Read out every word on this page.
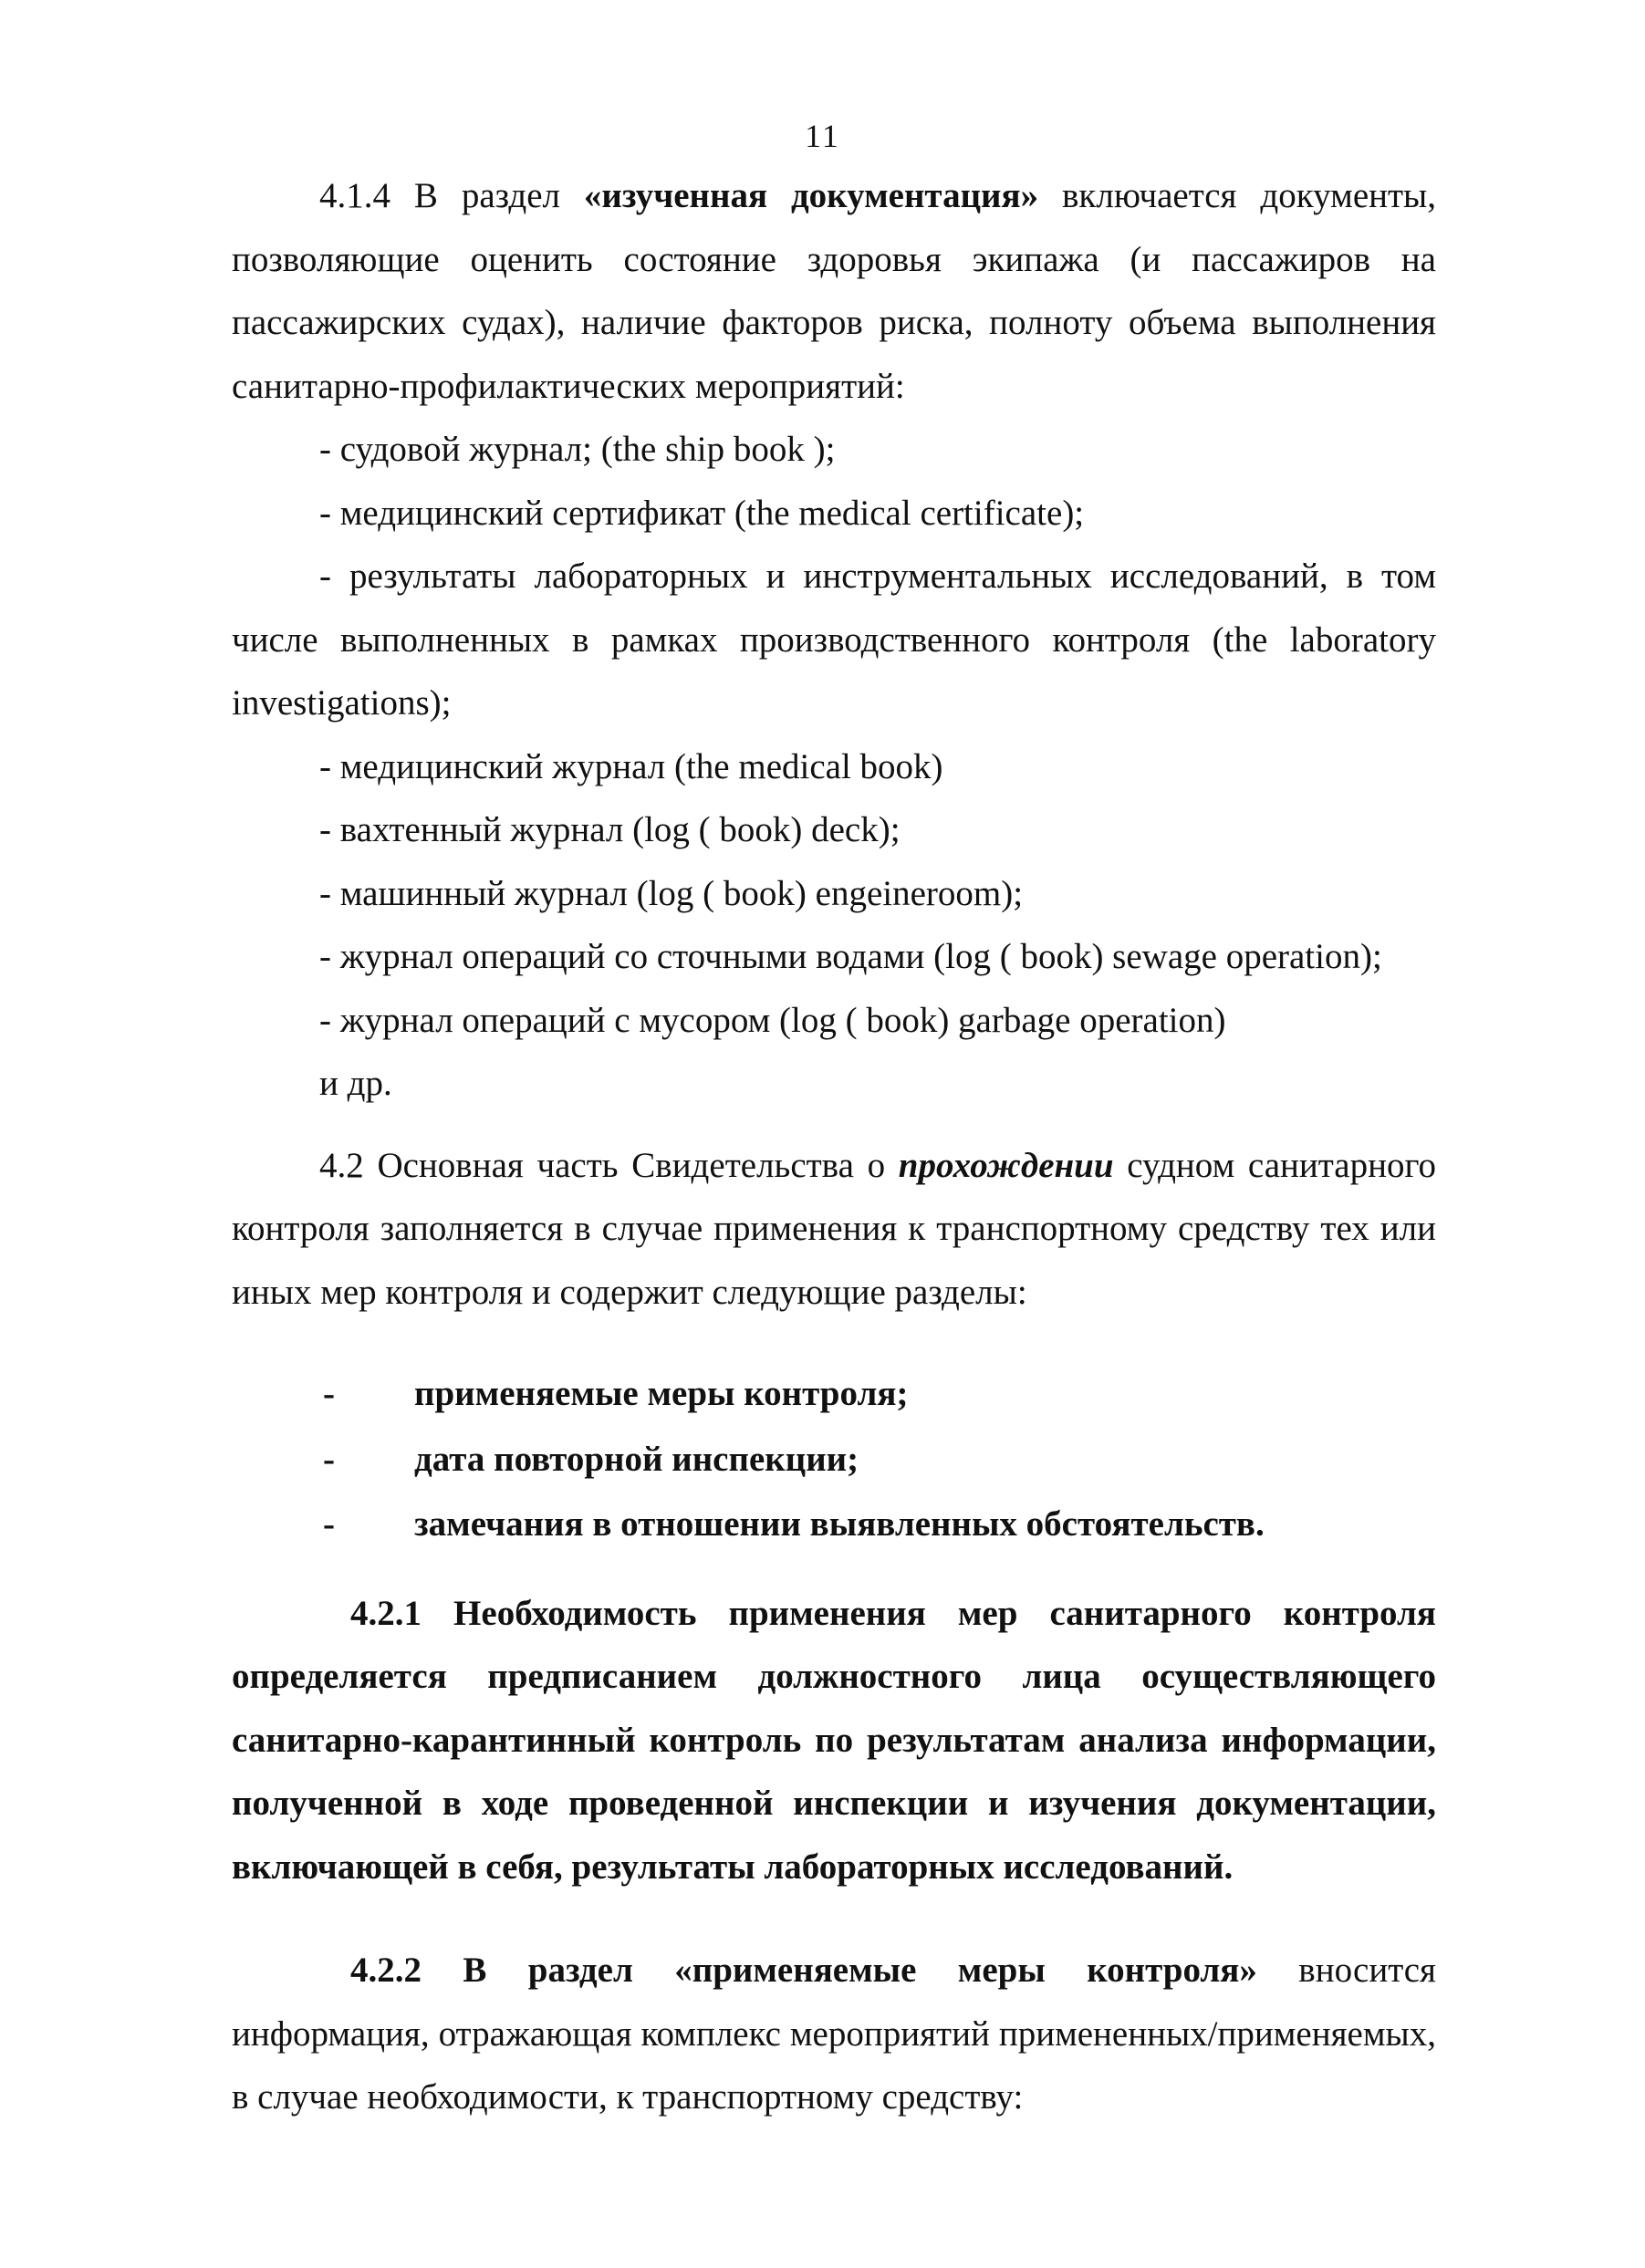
11

4.1.4 В раздел «изученная документация» включается документы, позволяющие оценить состояние здоровья экипажа (и пассажиров на пассажирских судах), наличие факторов риска, полноту объема выполнения санитарно-профилактических мероприятий:

- судовой журнал; (the ship book );

- медицинский сертификат (the medical certificate);

- результаты лабораторных и инструментальных исследований, в том числе выполненных в рамках производственного контроля (the laboratory investigations);

- медицинский журнал (the medical book)

- вахтенный журнал (log ( book) deck);

- машинный журнал (log ( book) engeineroom);

- журнал операций со сточными водами (log ( book) sewage operation);

- журнал операций с мусором (log ( book) garbage operation)

и др.

4.2 Основная часть Свидетельства о прохождении судном санитарного контроля заполняется в случае применения к транспортному средству тех или иных мер контроля и содержит следующие разделы:

- применяемые меры контроля;
- дата повторной инспекции;
- замечания в отношении выявленных обстоятельств.

4.2.1 Необходимость применения мер санитарного контроля определяется предписанием должностного лица осуществляющего санитарно-карантинный контроль по результатам анализа информации, полученной в ходе проведенной инспекции и изучения документации, включающей в себя, результаты лабораторных исследований.

4.2.2 В раздел «применяемые меры контроля» вносится информация, отражающая комплекс мероприятий примененных/применяемых, в случае необходимости, к транспортному средству:
